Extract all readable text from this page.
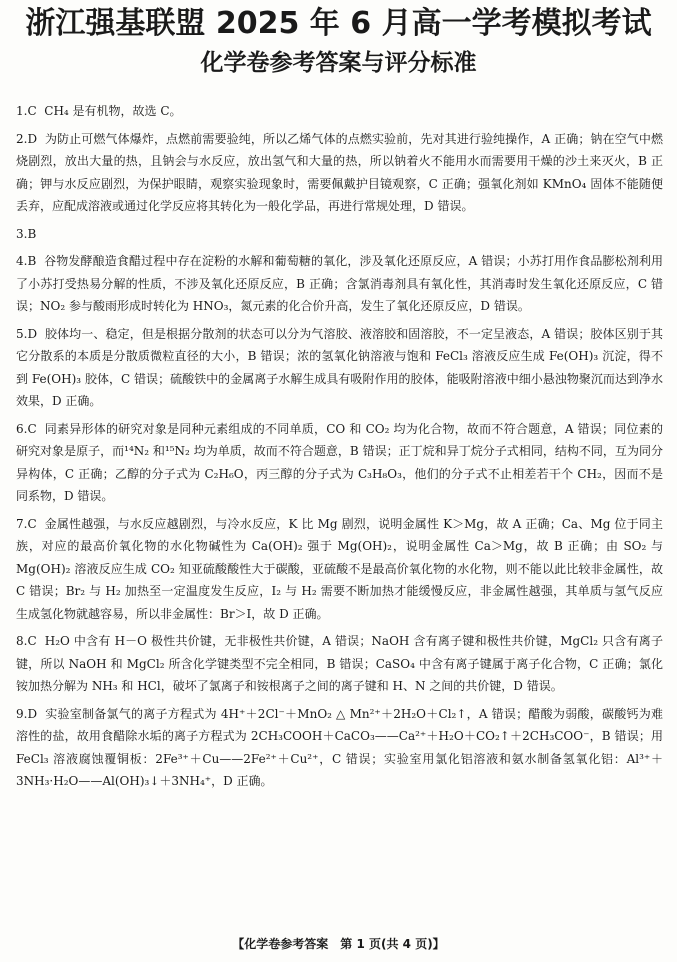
浙江强基联盟 2025 年 6 月高一学考模拟考试
化学卷参考答案与评分标准
1.C CH₄ 是有机物，故选 C。
2.D 为防止可燃气体爆炸，点燃前需要验纯，所以乙烯气体的点燃实验前，先对其进行验纯操作，A 正确；钠在空气中燃烧剧烈，放出大量的热，且钠会与水反应，放出氢气和大量的热，所以钠着火不能用水而需要用干燥的沙土来灭火，B 正确；钾与水反应剧烈，为保护眼睛，观察实验现象时，需要佩戴护目镜观察，C 正确；强氧化剂如 KMnO₄ 固体不能随便丢弃，应配成溶液或通过化学反应将其转化为一般化学品，再进行常规处理，D 错误。
3.B
4.B 谷物发酵酿造食醋过程中存在淀粉的水解和葡萄糖的氧化，涉及氧化还原反应，A 错误；小苏打用作食品膨松剂利用了小苏打受热易分解的性质，不涉及氧化还原反应，B 正确；含氯消毒剂具有氧化性，其消毒时发生氧化还原反应，C 错误；NO₂ 参与酸雨形成时转化为 HNO₃，氮元素的化合价升高，发生了氧化还原反应，D 错误。
5.D 胶体均一、稳定，但是根据分散剂的状态可以分为气溶胶、液溶胶和固溶胶，不一定呈液态，A 错误；胶体区别于其它分散系的本质是分散质微粒直径的大小，B 错误；浓的氢氧化钠溶液与饱和 FeCl₃ 溶液反应生成 Fe(OH)₃ 沉淀，得不到 Fe(OH)₃ 胶体，C 错误；硫酸铁中的金属离子水解生成具有吸附作用的胶体，能吸附溶液中细小悬浊物聚沉而达到净水效果，D 正确。
6.C 同素异形体的研究对象是同种元素组成的不同单质，CO 和 CO₂ 均为化合物，故而不符合题意，A 错误；同位素的研究对象是原子，而¹⁴N₂ 和¹⁵N₂ 均为单质，故而不符合题意，B 错误；正丁烷和异丁烷分子式相同，结构不同，互为同分异构体，C 正确；乙醇的分子式为 C₂H₆O，丙三醇的分子式为 C₃H₈O₃，他们的分子式不止相差若干个 CH₂，因而不是同系物，D 错误。
7.C 金属性越强，与水反应越剧烈，与冷水反应，K 比 Mg 剧烈，说明金属性 K＞Mg，故 A 正确；Ca、Mg 位于同主族，对应的最高价氧化物的水化物碱性为 Ca(OH)₂ 强于 Mg(OH)₂，说明金属性 Ca＞Mg，故 B 正确；由 SO₂ 与 Mg(OH)₂ 溶液反应生成 CO₂ 知亚硫酸酸性大于碳酸，亚硫酸不是最高价氧化物的水化物，则不能以此比较非金属性，故 C 错误；Br₂ 与 H₂ 加热至一定温度发生反应，I₂ 与 H₂ 需要不断加热才能缓慢反应，非金属性越强，其单质与氢气反应生成氢化物就越容易，所以非金属性：Br＞I，故 D 正确。
8.C H₂O 中含有 H－O 极性共价键，无非极性共价键，A 错误；NaOH 含有离子键和极性共价键，MgCl₂ 只含有离子键，所以 NaOH 和 MgCl₂ 所含化学键类型不完全相同，B 错误；CaSO₄ 中含有离子键属于离子化合物，C 正确；氯化铵加热分解为 NH₃ 和 HCl，破坏了氯离子和铵根离子之间的离子键和 H、N 之间的共价键，D 错误。
9.D 实验室制备氯气的离子方程式为 4H⁺＋2Cl⁻＋MnO₂ △ Mn²⁺＋2H₂O＋Cl₂↑，A 错误；醋酸为弱酸，碳酸钙为难溶性的盐，故用食醋除水垢的离子方程式为 2CH₃COOH＋CaCO₃——Ca²⁺＋H₂O＋CO₂↑＋2CH₃COO⁻，B 错误；用 FeCl₃ 溶液腐蚀覆铜板：2Fe³⁺＋Cu——2Fe²⁺＋Cu²⁺，C 错误；实验室用氯化铝溶液和氨水制备氢氧化铝：Al³⁺＋3NH₃·H₂O——Al(OH)₃↓＋3NH₄⁺，D 正确。
【化学卷参考答案　第 1 页(共 4 页)】
